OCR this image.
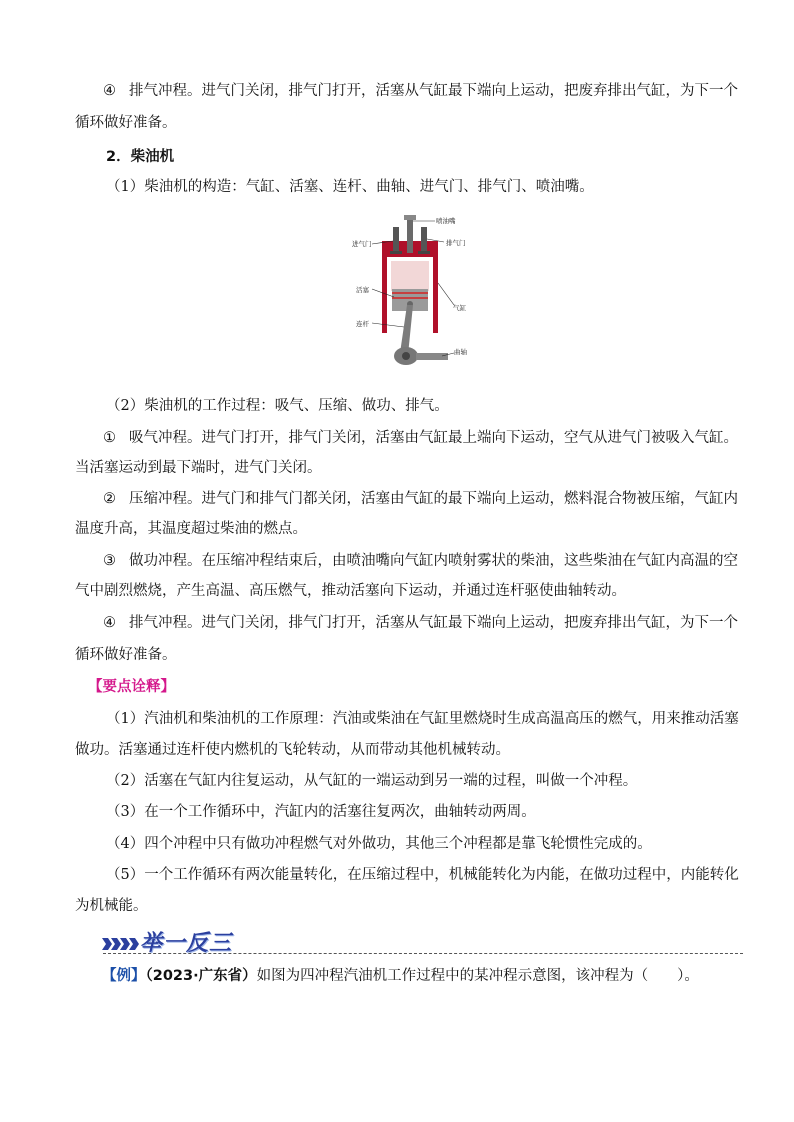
④ 排气冲程。进气门关闭，排气门打开，活塞从气缸最下端向上运动，把废弃排出气缸，为下一个
循环做好准备。
2．柴油机
（1）柴油机的构造：气缸、活塞、连杆、曲轴、进气门、排气门、喷油嘴。
喷油嘴
进气门	排气门
活塞
气缸
连杆
曲轴
（2）柴油机的工作过程：吸气、压缩、做功、排气。
① 吸气冲程。进气门打开，排气门关闭，活塞由气缸最上端向下运动，空气从进气门被吸入气缸。
当活塞运动到最下端时，进气门关闭。
② 压缩冲程。进气门和排气门都关闭，活塞由气缸的最下端向上运动，燃料混合物被压缩，气缸内
温度升高，其温度超过柴油的燃点。
③ 做功冲程。在压缩冲程结束后，由喷油嘴向气缸内喷射雾状的柴油，这些柴油在气缸内高温的空
气中剧烈燃烧，产生高温、高压燃气，推动活塞向下运动，并通过连杆驱使曲轴转动。
④ 排气冲程。进气门关闭，排气门打开，活塞从气缸最下端向上运动，把废弃排出气缸，为下一个
循环做好准备。
【要点诠释】
（1）汽油机和柴油机的工作原理：汽油或柴油在气缸里燃烧时生成高温高压的燃气，用来推动活塞
做功。活塞通过连杆使内燃机的飞轮转动，从而带动其他机械转动。
（2）活塞在气缸内往复运动，从气缸的一端运动到另一端的过程，叫做一个冲程。
（3）在一个工作循环中，汽缸内的活塞往复两次，曲轴转动两周。
（4）四个冲程中只有做功冲程燃气对外做功，其他三个冲程都是靠飞轮惯性完成的。
（5）一个工作循环有两次能量转化，在压缩过程中，机械能转化为内能，在做功过程中，内能转化
为机械能。
举一反三
【例】（2023·广东省）如图为四冲程汽油机工作过程中的某冲程示意图，该冲程为（　　）。
